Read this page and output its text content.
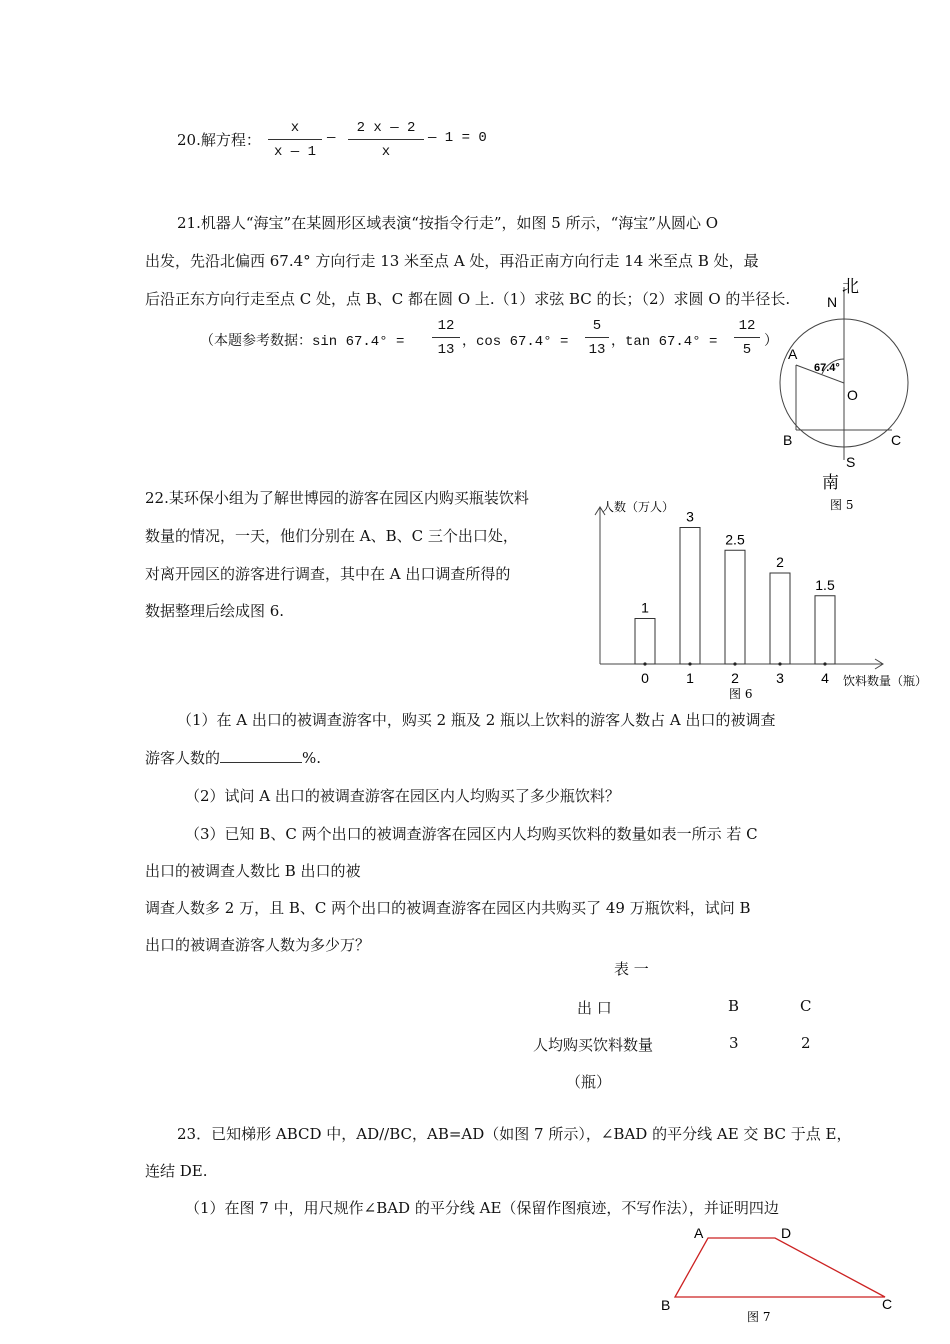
20.解方程： $\frac{x}{x — 1}$ — $\frac{2 x — 2}{x}$ — 1 = 0
21.机器人“海宝”在某圆形区域表演“按指令行走”，如图 5 所示，“海宝”从圆心 O
出发，先沿北偏西 67.4° 方向行走 13 米至点 A 处，再沿正南方向行走 14 米至点 B 处，最
后沿正东方向行走至点 C 处，点 B、C 都在圆 O 上.（1）求弦 BC 的长；（2）求圆 O 的半径长.
（本题参考数据：$\sin 67.4^\circ = \frac{12}{13}$ ，$\cos 67.4^\circ = \frac{5}{13}$ ，$\tan 67.4^\circ = \frac{12}{5}$ ）
北
N
A
67.4°
O
B	C
S
南
图 5
22.某环保小组为了解世博园的游客在园区内购买瓶装饮料
数量的情况，一天，他们分别在 A、B、C 三个出口处，
对离开园区的游客进行调查，其中在 A 出口调查所得的
数据整理后绘成图 6.
人数（万人）
饮料数量（瓶）
图 6
1
0
3
1
2.5
2
2
3
1.5
4
（1）在 A 出口的被调查游客中，购买 2 瓶及 2 瓶以上饮料的游客人数占 A 出口的被调查
游客人数的	%.
（2）试问 A 出口的被调查游客在园区内人均购买了多少瓶饮料？
（3）已知 B、C 两个出口的被调查游客在园区内人均购买饮料的数量如表一所示 若 C
出口的被调查人数比 B 出口的被
调查人数多 2 万，且 B、C 两个出口的被调查游客在园区内共购买了 49 万瓶饮料，试问 B
出口的被调查游客人数为多少万？
表 一
出 口	B	C
人均购买饮料数量	3	2
（瓶）
23．已知梯形 ABCD 中，AD//BC，AB=AD（如图 7 所示），∠BAD 的平分线 AE 交 BC 于点 E，
连结 DE.
（1）在图 7 中，用尺规作∠BAD 的平分线 AE（保留作图痕迹，不写作法），并证明四边
A	D
B	C
图 7
